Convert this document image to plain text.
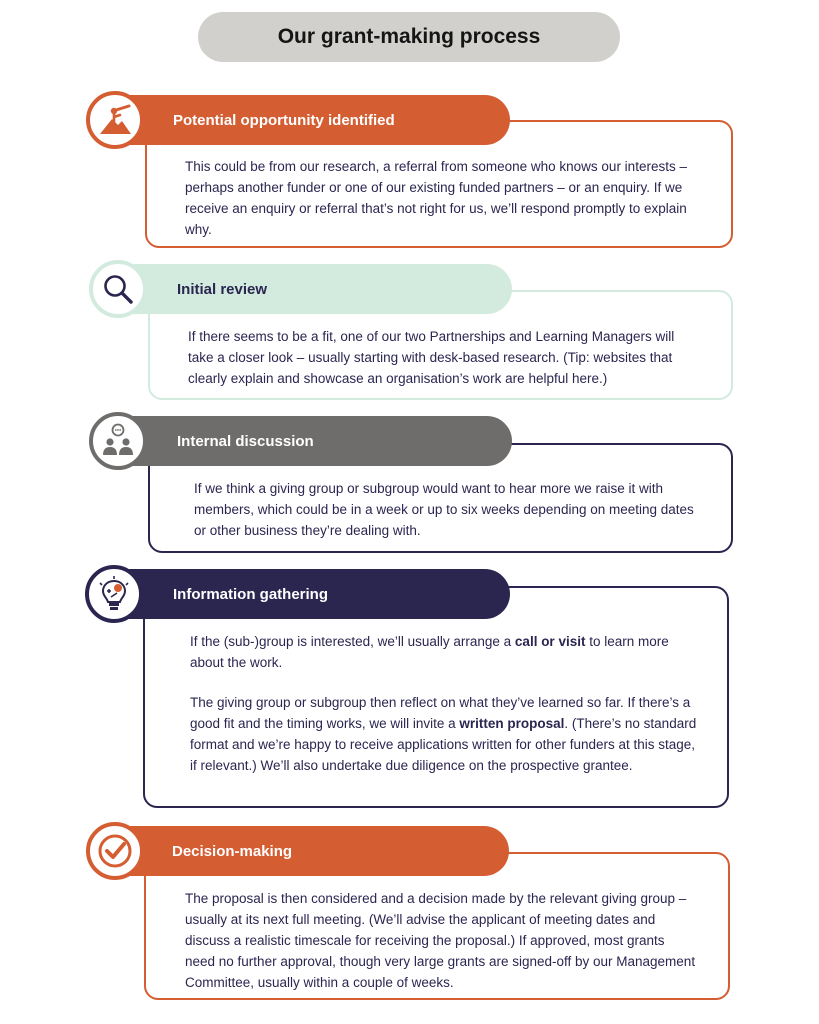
Our grant-making process

This could be from our research, a referral from someone who knows our interests – perhaps another funder or one of our existing funded partners – or an enquiry. If we receive an enquiry or referral that’s not right for us, we’ll respond promptly to explain why.

Potential opportunity identified

If there seems to be a fit, one of our two Partnerships and Learning Managers will take a closer look – usually starting with desk-based research. (Tip: websites that clearly explain and showcase an organisation’s work are helpful here.)

Initial review

If we think a giving group or subgroup would want to hear more we raise it with members, which could be in a week or up to six weeks depending on meeting dates or other business they’re dealing with.

Internal discussion

If the (sub-)group is interested, we’ll usually arrange a call or visit to learn more about the work.

The giving group or subgroup then reflect on what they’ve learned so far. If there’s a good fit and the timing works, we will invite a written proposal. (There’s no standard format and we’re happy to receive applications written for other funders at this stage, if relevant.) We’ll also undertake due diligence on the prospective grantee.

Information gathering

The proposal is then considered and a decision made by the relevant giving group – usually at its next full meeting. (We’ll advise the applicant of meeting dates and discuss a realistic timescale for receiving the proposal.) If approved, most grants need no further approval, though very large grants are signed-off by our Management Committee, usually within a couple of weeks.

Decision-making
